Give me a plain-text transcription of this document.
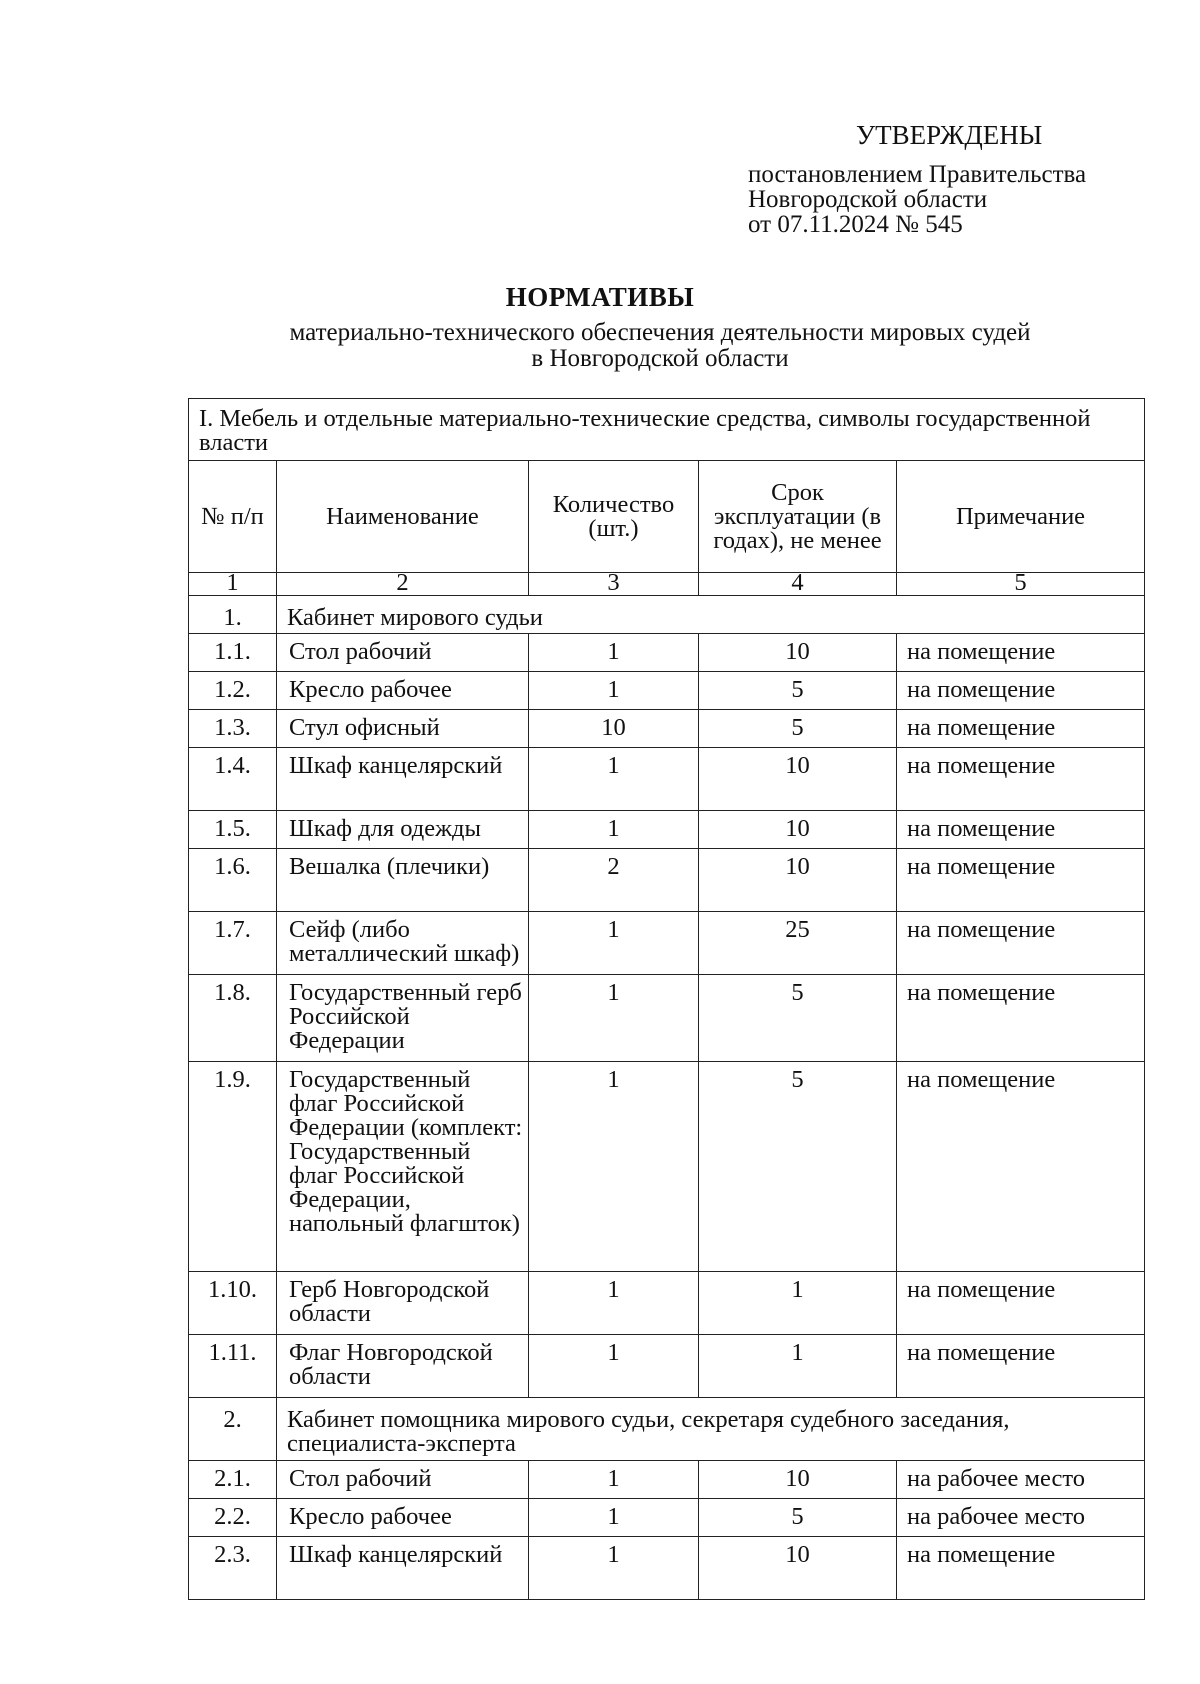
УТВЕРЖДЕНЫ
постановлением Правительства
Новгородской области
от 07.11.2024 № 545
НОРМАТИВЫ
материально-технического обеспечения деятельности мировых судей
в Новгородской области
I. Мебель и отдельные материально-технические средства, символы государственной власти				
№ п/п	Наименование	Количество (шт.)	Срок эксплуатации (в годах), не менее	Примечание
1	2	3	4	5
1.	Кабинет мирового судьи			
1.1.	Стол рабочий	1	10	на помещение
1.2.	Кресло рабочее	1	5	на помещение
1.3.	Стул офисный	10	5	на помещение
1.4.	Шкаф канцелярский	1	10	на помещение
1.5.	Шкаф для одежды	1	10	на помещение
1.6.	Вешалка (плечики)	2	10	на помещение
1.7.	Сейф (либо металлический шкаф)	1	25	на помещение
1.8.	Государственный герб Российской Федерации	1	5	на помещение
1.9.	Государственный флаг Российской Федерации (комплект: Государственный флаг Российской Федерации, напольный флагшток)	1	5	на помещение
1.10.	Герб Новгородской области	1	1	на помещение
1.11.	Флаг Новгородской области	1	1	на помещение
2.	Кабинет помощника мирового судьи, секретаря судебного заседания, специалиста-эксперта			
2.1.	Стол рабочий	1	10	на рабочее место
2.2.	Кресло рабочее	1	5	на рабочее место
2.3.	Шкаф канцелярский	1	10	на помещение
